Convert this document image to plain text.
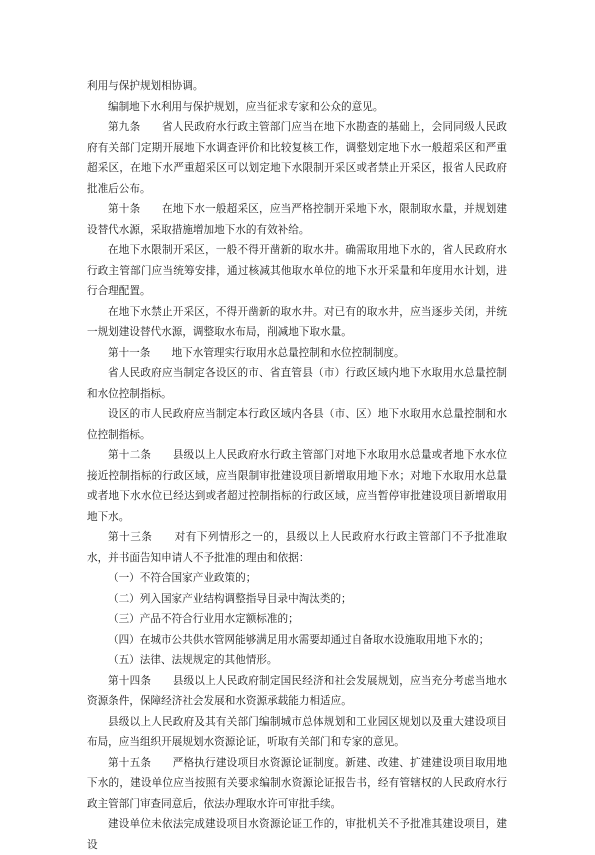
利用与保护规划相协调。

编制地下水利用与保护规划，应当征求专家和公众的意见。

第九条　　 省人民政府水行政主管部门应当在地下水勘查的基础上，会同同级人民政府有关部门定期开展地下水调查评价和比较复核工作，调整划定地下水一般超采区和严重超采区，在地下水严重超采区可以划定地下水限制开采区或者禁止开采区，报省人民政府批准后公布。

第十条　　 在地下水一般超采区，应当严格控制开采地下水，限制取水量，并规划建设替代水源，采取措施增加地下水的有效补给。

在地下水限制开采区，一般不得开凿新的取水井。确需取用地下水的，省人民政府水行政主管部门应当统筹安排，通过核减其他取水单位的地下水开采量和年度用水计划，进行合理配置。

在地下水禁止开采区，不得开凿新的取水井。对已有的取水井，应当逐步关闭，并统一规划建设替代水源，调整取水布局，削减地下取水量。

第十一条　　 地下水管理实行取用水总量控制和水位控制制度。

省人民政府应当制定各设区的市、省直管县（市）行政区域内地下水取用水总量控制和水位控制指标。

设区的市人民政府应当制定本行政区域内各县（市、区）地下水取用水总量控制和水位控制指标。

第十二条　　 县级以上人民政府水行政主管部门对地下水取用水总量或者地下水水位接近控制指标的行政区域，应当限制审批建设项目新增取用地下水；对地下水取用水总量或者地下水水位已经达到或者超过控制指标的行政区域，应当暂停审批建设项目新增取用地下水。

第十三条　　 对有下列情形之一的，县级以上人民政府水行政主管部门不予批准取水，并书面告知申请人不予批准的理由和依据：

（一）不符合国家产业政策的；

（二）列入国家产业结构调整指导目录中淘汰类的；

（三）产品不符合行业用水定额标准的；

（四）在城市公共供水管网能够满足用水需要却通过自备取水设施取用地下水的；

（五）法律、法规规定的其他情形。

第十四条　　 县级以上人民政府制定国民经济和社会发展规划，应当充分考虑当地水资源条件，保障经济社会发展和水资源承载能力相适应。

县级以上人民政府及其有关部门编制城市总体规划和工业园区规划以及重大建设项目布局，应当组织开展规划水资源论证，听取有关部门和专家的意见。

第十五条　　 严格执行建设项目水资源论证制度。新建、改建、扩建建设项目取用地下水的，建设单位应当按照有关要求编制水资源论证报告书，经有管辖权的人民政府水行政主管部门审查同意后，依法办理取水许可审批手续。

建设单位未依法完成建设项目水资源论证工作的，审批机关不予批准其建设项目，建设
